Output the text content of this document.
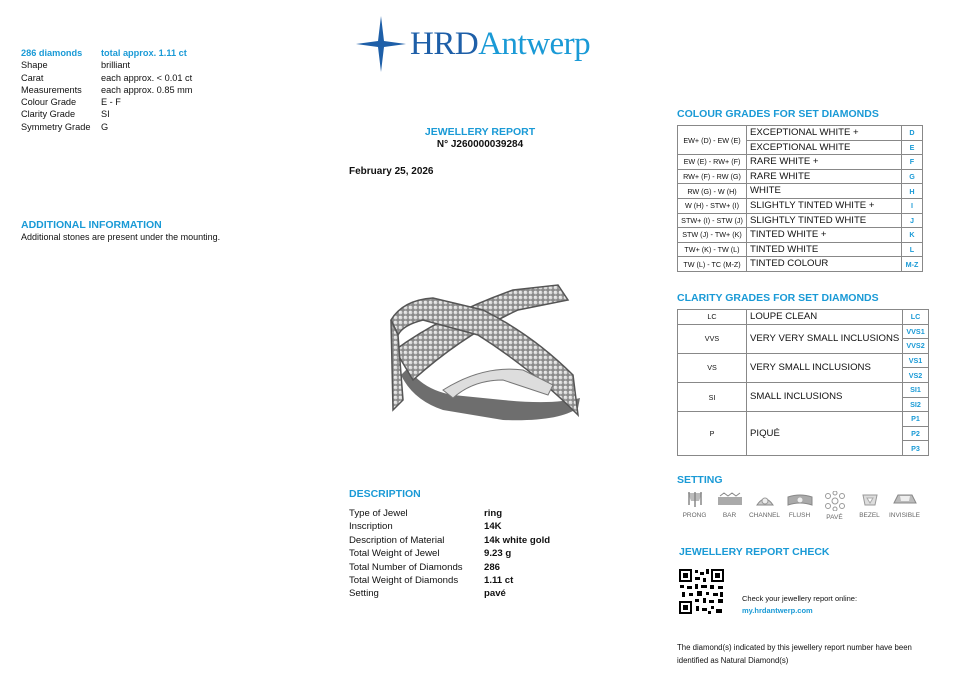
286 diamonds	total approx. 1.11 ct
Shape	brilliant
Carat	each approx. < 0.01 ct
Measurements	each approx. 0.85 mm
Colour Grade	E - F
Clarity Grade	SI
Symmetry Grade	G
ADDITIONAL INFORMATION
Additional stones are present under the mounting.
HRDAntwerp
JEWELLERY REPORT
N° J260000039284
February 25, 2026
DESCRIPTION
Type of Jewel	ring
Inscription	14K
Description of Material	14k white gold
Total Weight of Jewel	9.23 g
Total Number of Diamonds	286
Total Weight of Diamonds	1.11 ct
Setting	pavé
COLOUR GRADES FOR SET DIAMONDS
EW+ (D) - EW (E)	EXCEPTIONAL WHITE +	D
	EXCEPTIONAL WHITE	E
EW (E) - RW+ (F)	RARE WHITE +	F
RW+ (F) - RW (G)	RARE WHITE	G
RW (G) - W (H)	WHITE	H
W (H) - STW+ (I)	SLIGHTLY TINTED WHITE +	I
STW+ (I) - STW (J)	SLIGHTLY TINTED WHITE	J
STW (J) - TW+ (K)	TINTED WHITE +	K
TW+ (K) - TW (L)	TINTED WHITE	L
TW (L) - TC (M-Z)	TINTED COLOUR	M-Z
CLARITY GRADES FOR SET DIAMONDS
LC	LOUPE CLEAN	LC
VVS	VERY VERY SMALL INCLUSIONS	VVS1
		VVS2
VS	VERY SMALL INCLUSIONS	VS1
		VS2
SI	SMALL INCLUSIONS	SI1
		SI2
P	PIQUÉ	P1
		P2
		P3
SETTING
PRONG	BAR	CHANNEL	FLUSH	PAVÉ	BEZEL	INVISIBLE
JEWELLERY REPORT CHECK
Check your jewellery report online:
my.hrdantwerp.com
The diamond(s) indicated by this jewellery report number have been identified as Natural Diamond(s)
